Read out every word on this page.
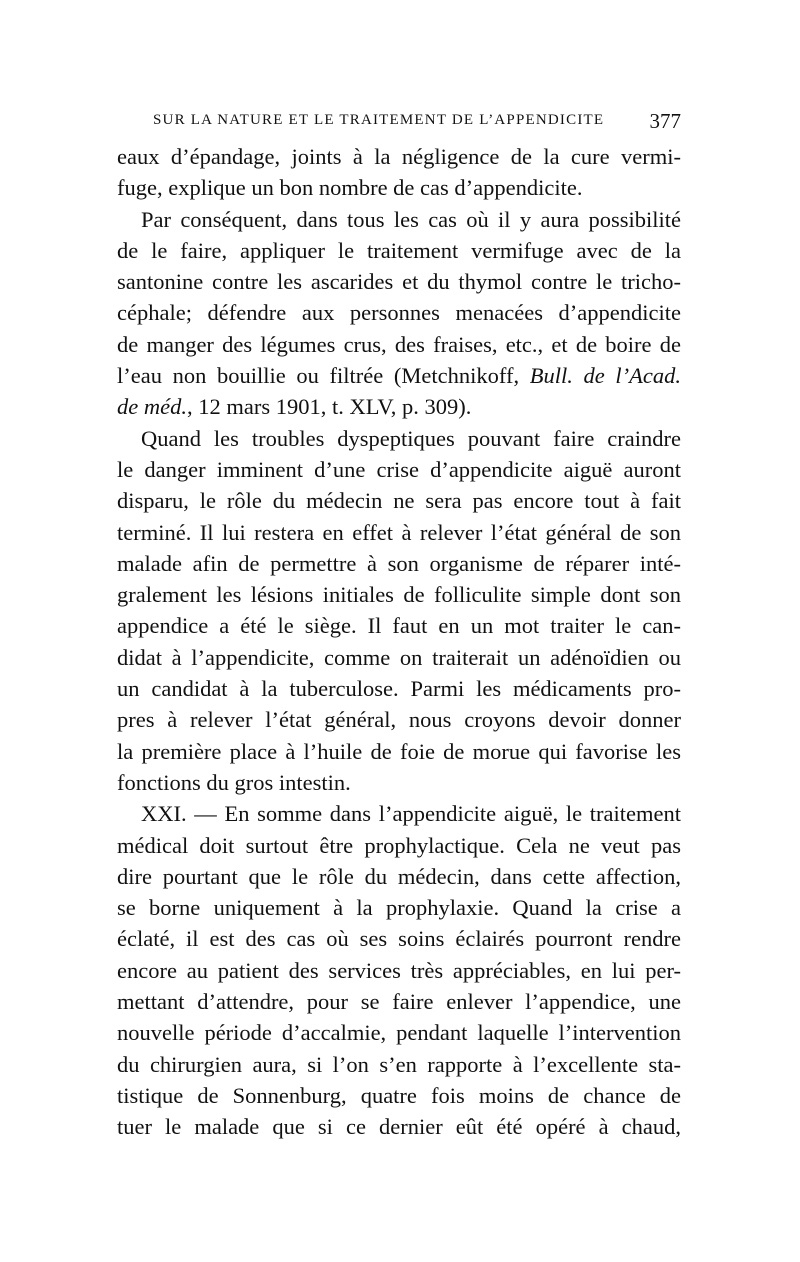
SUR LA NATURE ET LE TRAITEMENT DE L’APPENDICITE 377
eaux d’épandage, joints à la négligence de la cure vermi-
fuge, explique un bon nombre de cas d’appendicite.
Par conséquent, dans tous les cas où il y aura possibilité
de le faire, appliquer le traitement vermifuge avec de la
santonine contre les ascarides et du thymol contre le tricho-
céphale; défendre aux personnes menacées d’appendicite
de manger des légumes crus, des fraises, etc., et de boire de
l’eau non bouillie ou filtrée (Metchnikoff, Bull. de l’Acad.
de méd., 12 mars 1901, t. XLV, p. 309).
Quand les troubles dyspeptiques pouvant faire craindre
le danger imminent d’une crise d’appendicite aiguë auront
disparu, le rôle du médecin ne sera pas encore tout à fait
terminé. Il lui restera en effet à relever l’état général de son
malade afin de permettre à son organisme de réparer inté-
gralement les lésions initiales de folliculite simple dont son
appendice a été le siège. Il faut en un mot traiter le can-
didat à l’appendicite, comme on traiterait un adénoïdien ou
un candidat à la tuberculose. Parmi les médicaments pro-
pres à relever l’état général, nous croyons devoir donner
la première place à l’huile de foie de morue qui favorise les
fonctions du gros intestin.
XXI. — En somme dans l’appendicite aiguë, le traitement
médical doit surtout être prophylactique. Cela ne veut pas
dire pourtant que le rôle du médecin, dans cette affection,
se borne uniquement à la prophylaxie. Quand la crise a
éclaté, il est des cas où ses soins éclairés pourront rendre
encore au patient des services très appréciables, en lui per-
mettant d’attendre, pour se faire enlever l’appendice, une
nouvelle période d’accalmie, pendant laquelle l’intervention
du chirurgien aura, si l’on s’en rapporte à l’excellente sta-
tistique de Sonnenburg, quatre fois moins de chance de
tuer le malade que si ce dernier eût été opéré à chaud,
